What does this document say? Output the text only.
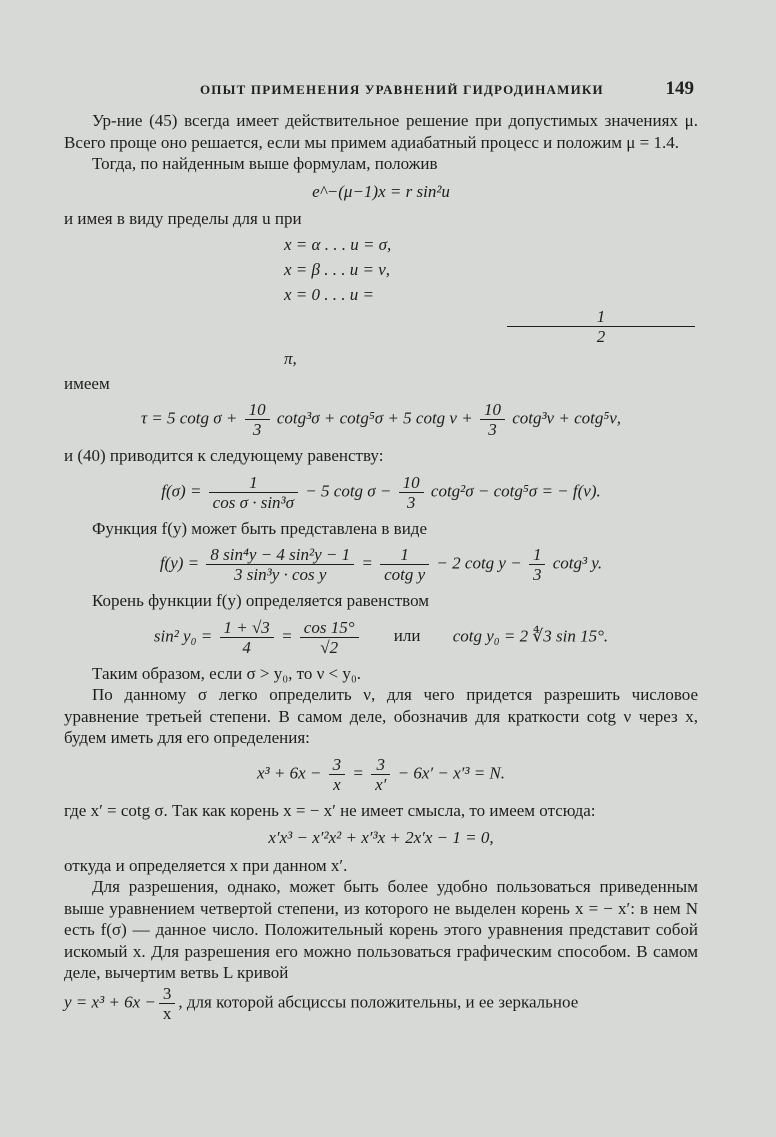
ОПЫТ ПРИМЕНЕНИЯ УРАВНЕНИЙ ГИДРОДИНАМИКИ	149

Ур-ние (45) всегда имеет действительное решение при допустимых значениях μ. Всего проще оно решается, если мы примем адиабатный процесс и положим μ = 1.4.

Тогда, по найденным выше формулам, положив

e^−(μ−1)x = r sin²u

и имея в виду пределы для u при

x = α . . . u = σ,
x = β . . . u = ν,
x = 0 . . . u =
1
2
π,

имеем

τ = 5 cotg $\sigma + \frac{10}{3} \cot g^3\sigma + \cot g^5\sigma + 5$ cotg $\nu + \frac{10}{3} \cot g^3\nu + \cot g^5\nu$,

и (40) приводится к следующему равенству:

$f(\sigma) = \frac{1}{\text{cos σ · sin³σ}} - 5$ cotg $\sigma - \frac{10}{3} \cot g^2\sigma - \cot g^5\sigma$ = − f(ν).

Функция f(y) может быть представлена в виде

$f(y) = \frac{\text{8 sin⁴y − 4 sin²y − 1}}{\text{3 sin³y · cos y}} = \frac{1}{\text{cotg y}} - 2$ cotg $y - \frac{1}{3} \cot g^3$ y.

Корень функции f(y) определяется равенством

sin² $y_0 = \frac{1 + √3}{4} = \frac{\cos 15^\circ}{√2}$ или cotg y₀ = 2 ∜3 sin 15°.

Таким образом, если σ > y₀, то ν < y₀.

По данному σ легко определить ν, для чего придется разрешить числовое уравнение третьей степени. В самом деле, обозначив для краткости cotg ν через x, будем иметь для его определения:

$x^3 + 6x - \frac{3}{x} = \frac{3}{x'} - 6x' - x'^3 = N$.

где x′ = cotg σ. Так как корень x = − x′ не имеет смысла, то имеем отсюда:

x′x³ − x′²x² + x′³x + 2x′x − 1 = 0,

откуда и определяется x при данном x′.

Для разрешения, однако, может быть более удобно пользоваться приведенным выше уравнением четвертой степени, из которого не выделен корень x = − x′: в нем N есть f(σ) — данное число. Положительный корень этого уравнения представит собой искомый x. Для разрешения его можно пользоваться графическим способом. В самом деле, вычертим ветвь L кривой

$y = x^3 + 6x - \frac{3}{x}$ , для которой абсциссы положительны, и ее зеркальное
